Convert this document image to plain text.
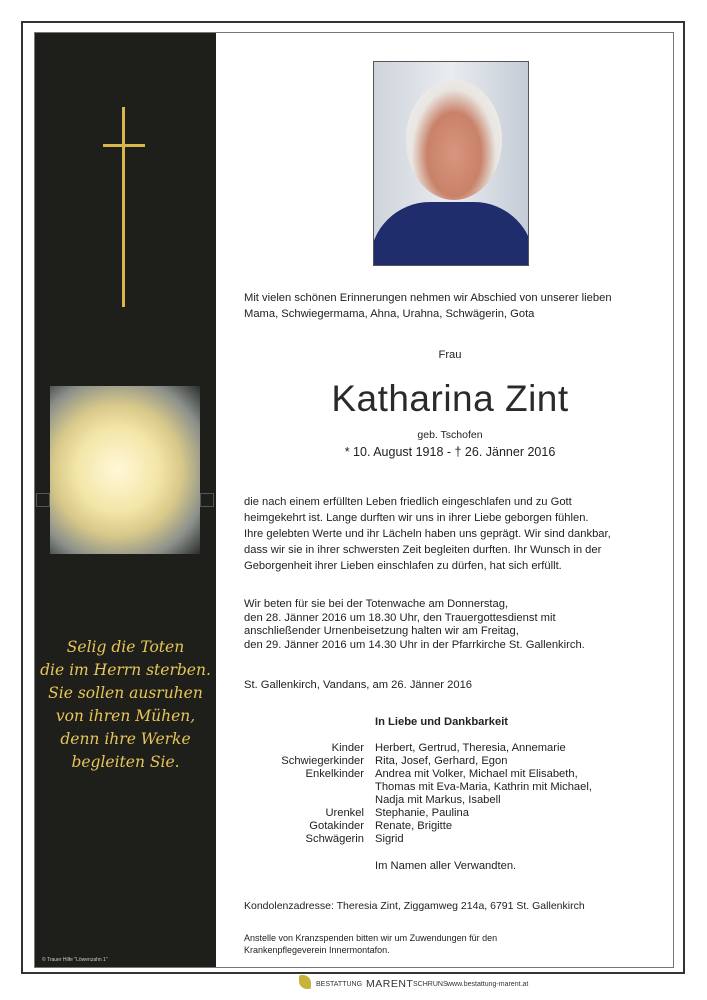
Selig die Toten
die im Herrn sterben.
Sie sollen ausruhen
von ihren Mühen,
denn ihre Werke
begleiten Sie.
© Trauer Hilfe "Löwenzahn 1"
Mit vielen schönen Erinnerungen nehmen wir Abschied von unserer lieben
Mama, Schwiegermama, Ahna, Urahna, Schwägerin, Gota
Frau
Katharina Zint
geb. Tschofen
* 10. August 1918 - † 26. Jänner 2016
die nach einem erfüllten Leben friedlich eingeschlafen und zu Gott
heimgekehrt ist. Lange durften wir uns in ihrer Liebe geborgen fühlen.
Ihre gelebten Werte und ihr Lächeln haben uns geprägt. Wir sind dankbar,
dass wir sie in ihrer schwersten Zeit begleiten durften. Ihr Wunsch in der
Geborgenheit ihrer Lieben einschlafen zu dürfen, hat sich erfüllt.
Wir beten für sie bei der Totenwache am Donnerstag,
den 28. Jänner 2016 um 18.30 Uhr, den Trauergottesdienst mit
anschließender Urnenbeisetzung halten wir am Freitag,
den 29. Jänner 2016 um 14.30 Uhr in der Pfarrkirche St. Gallenkirch.
St. Gallenkirch, Vandans, am 26. Jänner 2016
In Liebe und Dankbarkeit
Kinder Herbert, Gertrud, Theresia, Annemarie
Schwiegerkinder Rita, Josef, Gerhard, Egon
Enkelkinder Andrea mit Volker, Michael mit Elisabeth,
Thomas mit Eva-Maria, Kathrin mit Michael,
Nadja mit Markus, Isabell
Urenkel Stephanie, Paulina
Gotakinder Renate, Brigitte
Schwägerin Sigrid
Im Namen aller Verwandten.
Kondolenzadresse: Theresia Zint, Ziggamweg 214a, 6791 St. Gallenkirch
Anstelle von Kranzspenden bitten wir um Zuwendungen für den
Krankenpflegeverein Innermontafon.
BESTATTUNG MARENT SCHRUNS www.bestattung-marent.at
